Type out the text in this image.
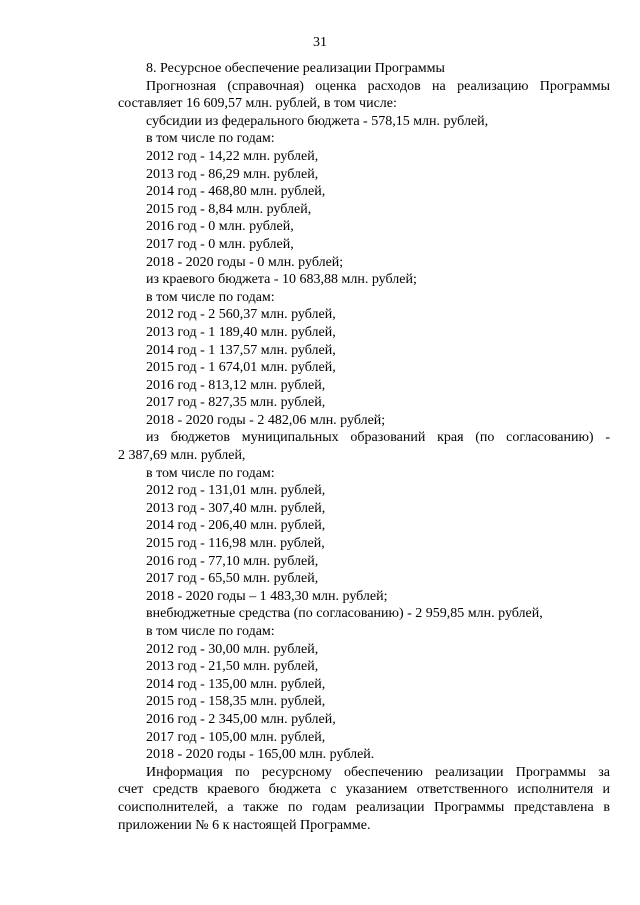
31
8. Ресурсное обеспечение реализации Программы
Прогнозная (справочная) оценка расходов на реализацию Программы
составляет 16 609,57 млн. рублей, в том числе:
субсидии из федерального бюджета - 578,15 млн. рублей,
в том числе по годам:
2012 год - 14,22 млн. рублей,
2013 год - 86,29 млн. рублей,
2014 год - 468,80 млн. рублей,
2015 год - 8,84 млн. рублей,
2016 год - 0 млн. рублей,
2017 год - 0 млн. рублей,
2018 - 2020 годы - 0 млн. рублей;
из краевого бюджета - 10 683,88 млн. рублей;
в том числе по годам:
2012 год - 2 560,37 млн. рублей,
2013 год - 1 189,40 млн. рублей,
2014 год - 1 137,57 млн. рублей,
2015 год - 1 674,01 млн. рублей,
2016 год - 813,12 млн. рублей,
2017 год - 827,35 млн. рублей,
2018 - 2020 годы - 2 482,06 млн. рублей;
из бюджетов муниципальных образований края (по согласованию) -
2 387,69 млн. рублей,
в том числе по годам:
2012 год - 131,01 млн. рублей,
2013 год - 307,40 млн. рублей,
2014 год - 206,40 млн. рублей,
2015 год - 116,98 млн. рублей,
2016 год - 77,10 млн. рублей,
2017 год - 65,50 млн. рублей,
2018 - 2020 годы – 1 483,30 млн. рублей;
внебюджетные средства (по согласованию) - 2 959,85 млн. рублей,
в том числе по годам:
2012 год - 30,00 млн. рублей,
2013 год - 21,50 млн. рублей,
2014 год - 135,00 млн. рублей,
2015 год - 158,35 млн. рублей,
2016 год - 2 345,00 млн. рублей,
2017 год - 105,00 млн. рублей,
2018 - 2020 годы - 165,00 млн. рублей.
Информация по ресурсному обеспечению реализации Программы за
счет средств краевого бюджета с указанием ответственного исполнителя и
соисполнителей, а также по годам реализации Программы представлена в
приложении № 6 к настоящей Программе.
